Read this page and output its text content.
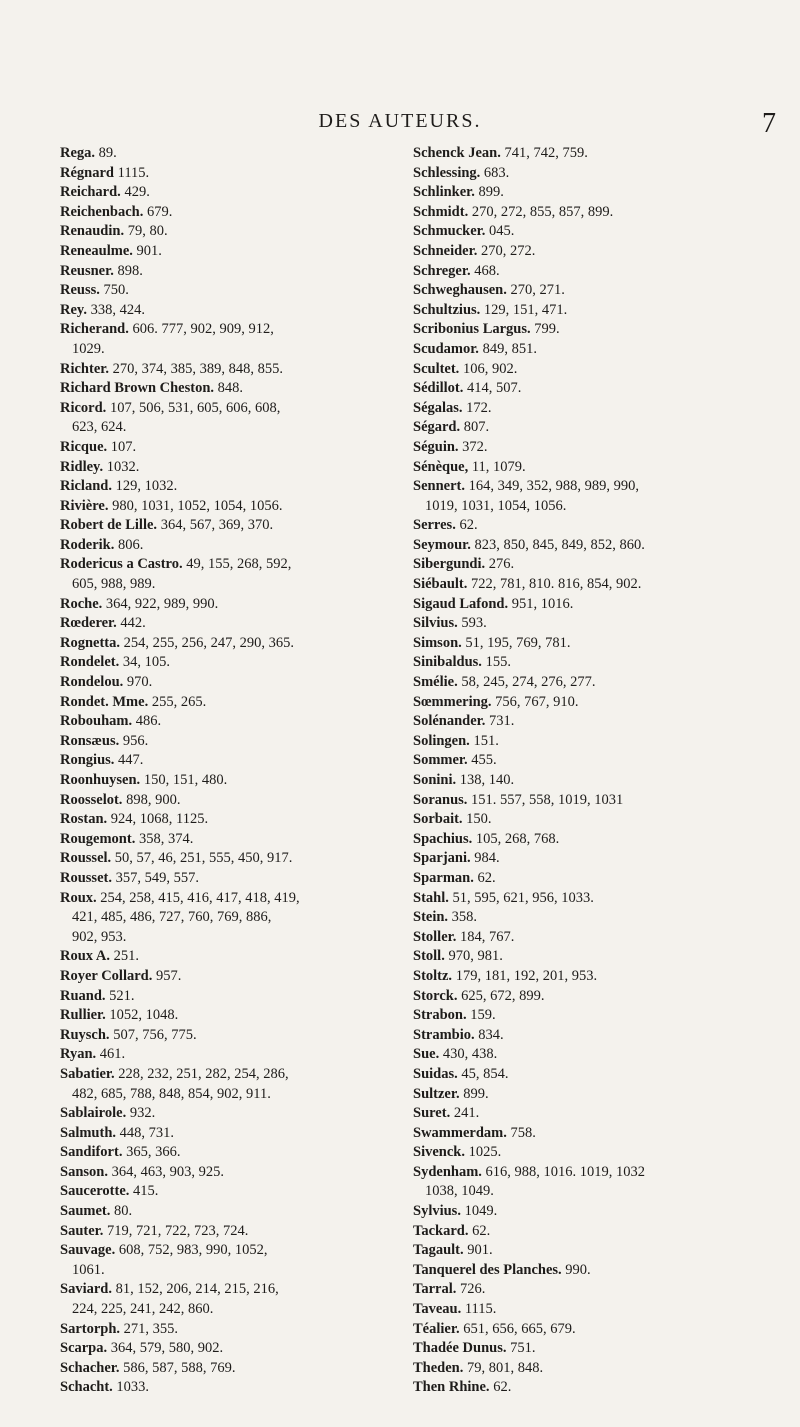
DES AUTEURS.	7
Rega. 89.
Régnard 1115.
Reichard. 429.
Reichenbach. 679.
Renaudin. 79, 80.
Reneaulme. 901.
Reusner. 898.
Reuss. 750.
Rey. 338, 424.
Richerand. 606. 777, 902, 909, 912,
1029.
Richter. 270, 374, 385, 389, 848, 855.
Richard Brown Cheston. 848.
Ricord. 107, 506, 531, 605, 606, 608,
623, 624.
Ricque. 107.
Ridley. 1032.
Ricland. 129, 1032.
Rivière. 980, 1031, 1052, 1054, 1056.
Robert de Lille. 364, 567, 369, 370.
Roderik. 806.
Rodericus a Castro. 49, 155, 268, 592,
605, 988, 989.
Roche. 364, 922, 989, 990.
Rœderer. 442.
Rognetta. 254, 255, 256, 247, 290, 365.
Rondelet. 34, 105.
Rondelou. 970.
Rondet. Mme. 255, 265.
Robouham. 486.
Ronsæus. 956.
Rongius. 447.
Roonhuysen. 150, 151, 480.
Roosselot. 898, 900.
Rostan. 924, 1068, 1125.
Rougemont. 358, 374.
Roussel. 50, 57, 46, 251, 555, 450, 917.
Rousset. 357, 549, 557.
Roux. 254, 258, 415, 416, 417, 418, 419,
421, 485, 486, 727, 760, 769, 886,
902, 953.
Roux A. 251.
Royer Collard. 957.
Ruand. 521.
Rullier. 1052, 1048.
Ruysch. 507, 756, 775.
Ryan. 461.
Sabatier. 228, 232, 251, 282, 254, 286,
482, 685, 788, 848, 854, 902, 911.
Sablairole. 932.
Salmuth. 448, 731.
Sandifort. 365, 366.
Sanson. 364, 463, 903, 925.
Saucerotte. 415.
Saumet. 80.
Sauter. 719, 721, 722, 723, 724.
Sauvage. 608, 752, 983, 990, 1052,
1061.
Saviard. 81, 152, 206, 214, 215, 216,
224, 225, 241, 242, 860.
Sartorph. 271, 355.
Scarpa. 364, 579, 580, 902.
Schacher. 586, 587, 588, 769.
Schacht. 1033.
Schenck Jean. 741, 742, 759.
Schlessing. 683.
Schlinker. 899.
Schmidt. 270, 272, 855, 857, 899.
Schmucker. 045.
Schneider. 270, 272.
Schreger. 468.
Schweghausen. 270, 271.
Schultzius. 129, 151, 471.
Scribonius Largus. 799.
Scudamor. 849, 851.
Scultet. 106, 902.
Sédillot. 414, 507.
Ségalas. 172.
Ségard. 807.
Séguin. 372.
Sénèque, 11, 1079.
Sennert. 164, 349, 352, 988, 989, 990,
1019, 1031, 1054, 1056.
Serres. 62.
Seymour. 823, 850, 845, 849, 852, 860.
Sibergundi. 276.
Siébault. 722, 781, 810. 816, 854, 902.
Sigaud Lafond. 951, 1016.
Silvius. 593.
Simson. 51, 195, 769, 781.
Sinibaldus. 155.
Smélie. 58, 245, 274, 276, 277.
Sœmmering. 756, 767, 910.
Solénander. 731.
Solingen. 151.
Sommer. 455.
Sonini. 138, 140.
Soranus. 151. 557, 558, 1019, 1031
Sorbait. 150.
Spachius. 105, 268, 768.
Sparjani. 984.
Sparman. 62.
Stahl. 51, 595, 621, 956, 1033.
Stein. 358.
Stoller. 184, 767.
Stoll. 970, 981.
Stoltz. 179, 181, 192, 201, 953.
Storck. 625, 672, 899.
Strabon. 159.
Strambio. 834.
Sue. 430, 438.
Suidas. 45, 854.
Sultzer. 899.
Suret. 241.
Swammerdam. 758.
Sivenck. 1025.
Sydenham. 616, 988, 1016. 1019, 1032
1038, 1049.
Sylvius. 1049.
Tackard. 62.
Tagault. 901.
Tanquerel des Planches. 990.
Tarral. 726.
Taveau. 1115.
Téalier. 651, 656, 665, 679.
Thadée Dunus. 751.
Theden. 79, 801, 848.
Then Rhine. 62.
